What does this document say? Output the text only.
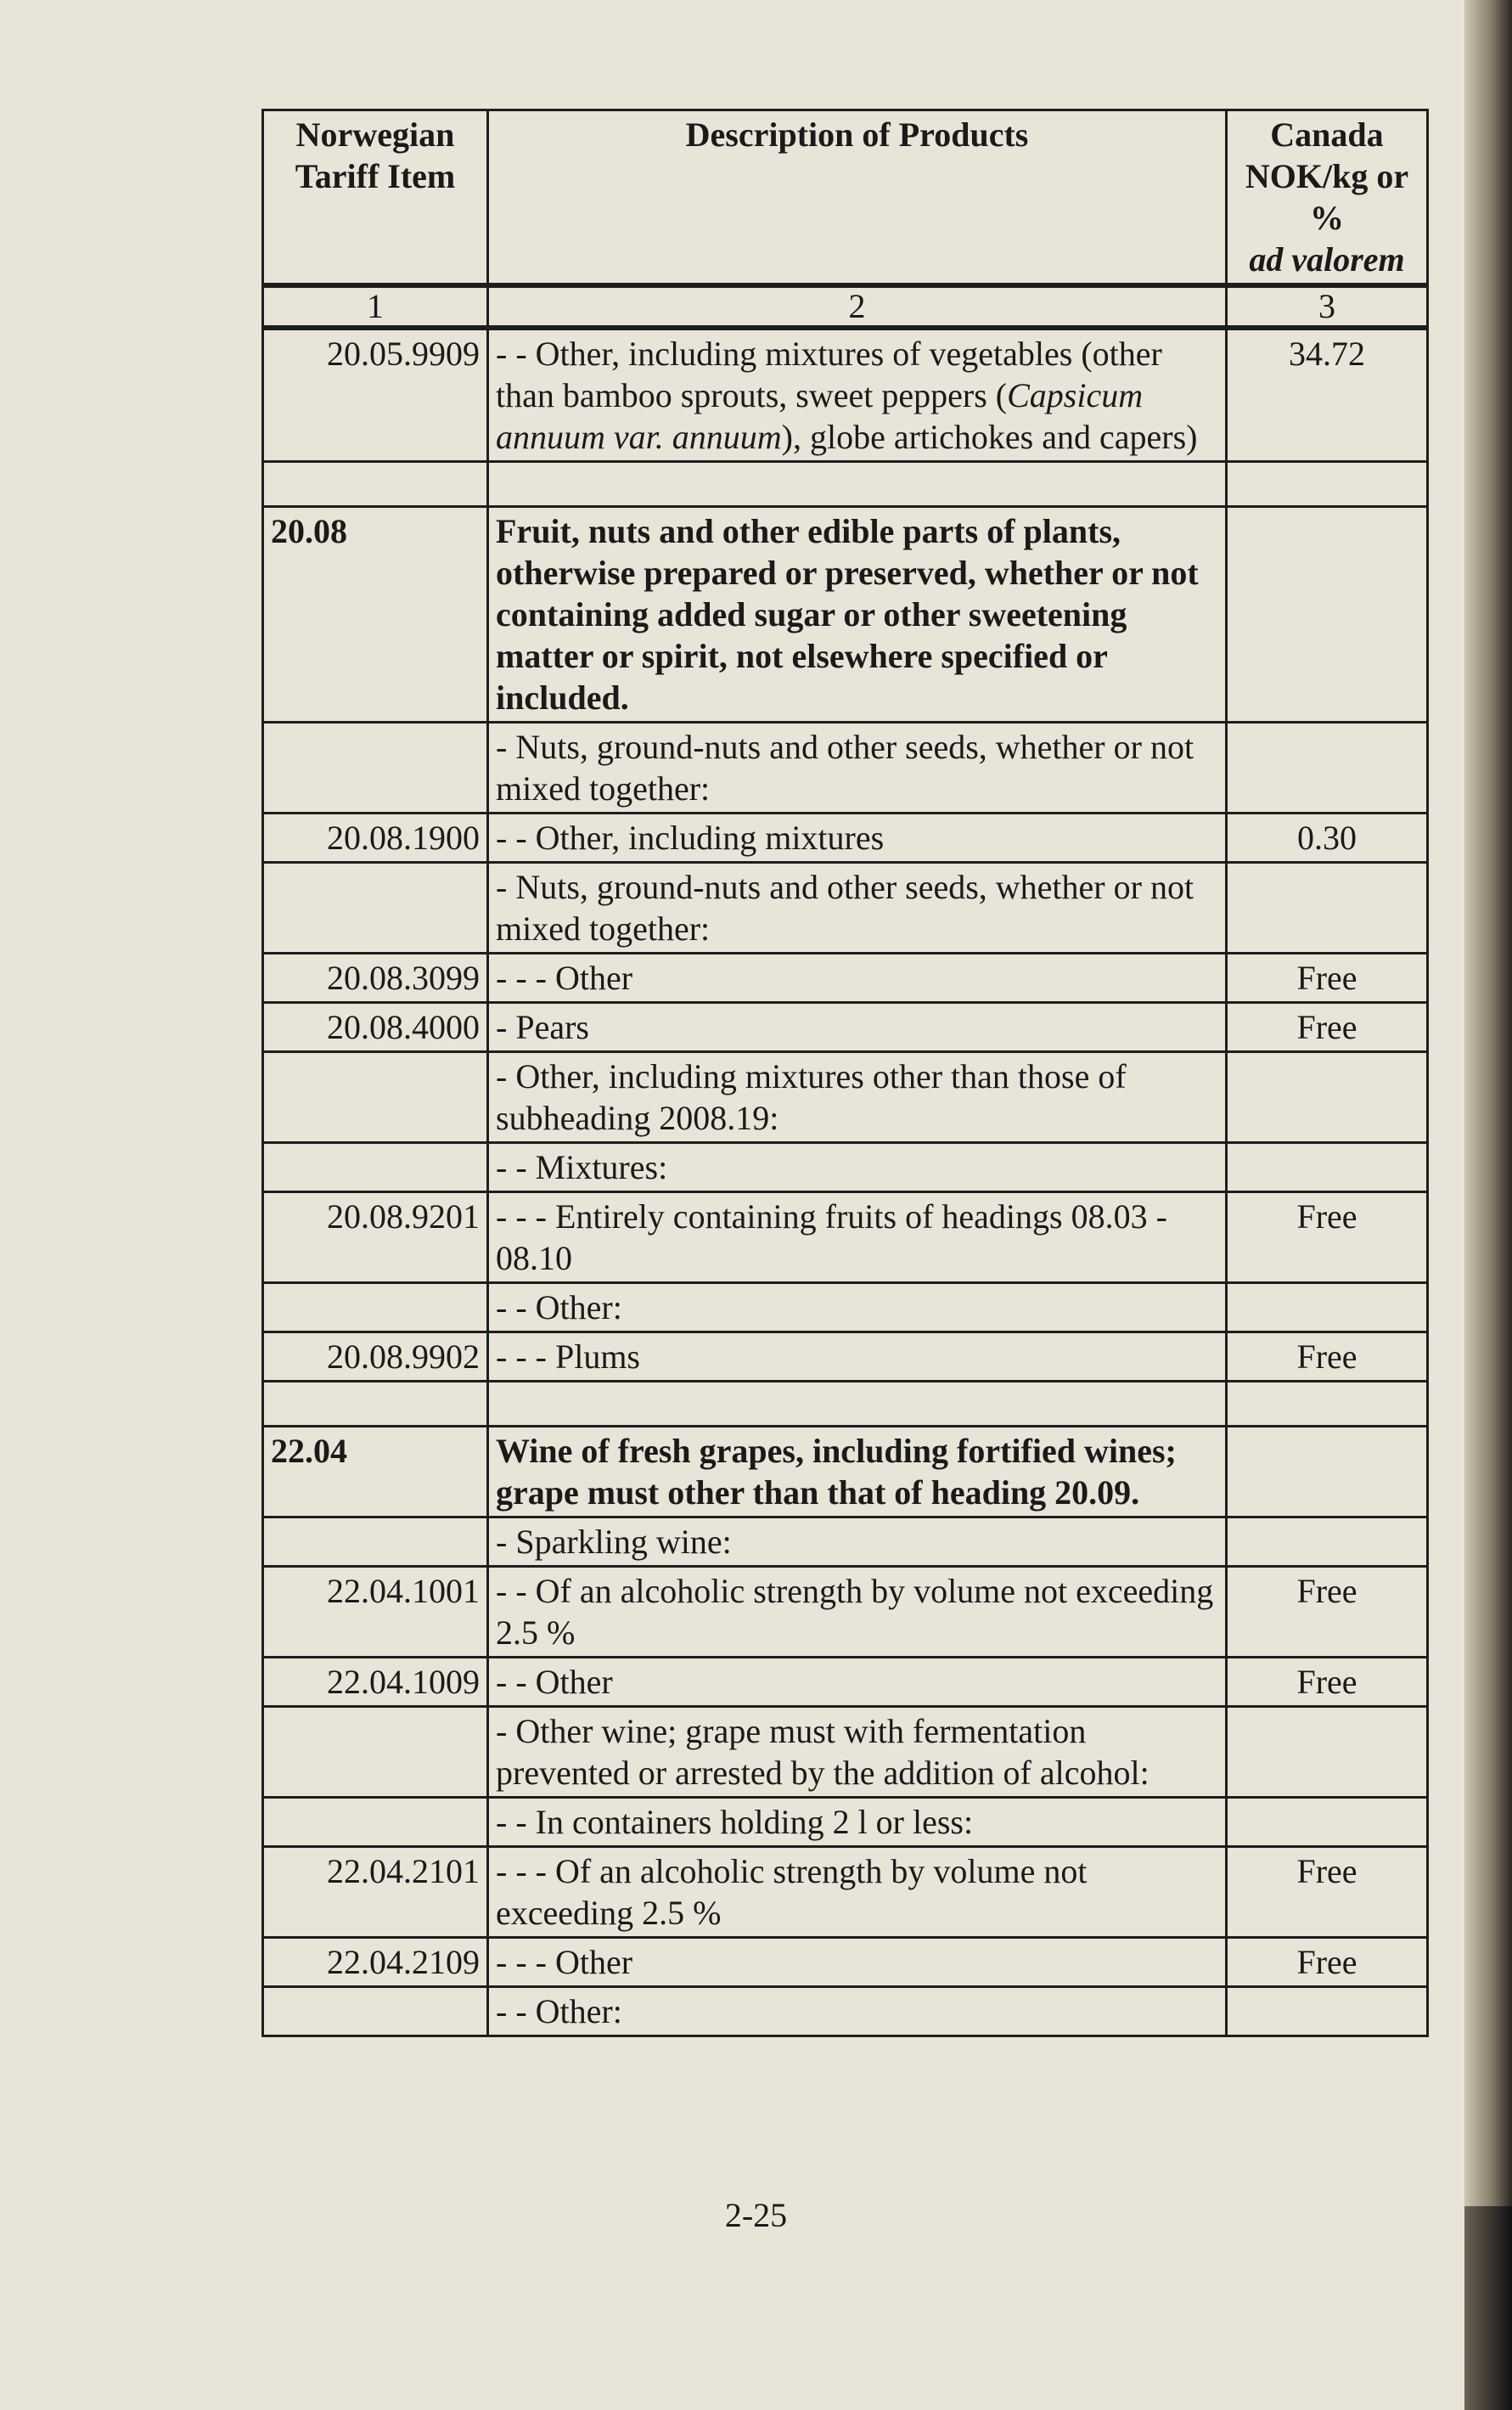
Norwegian Tariff Item	Description of Products	Canada NOK/kg or %
ad valorem
1	2	3
20.05.9909	- - Other, including mixtures of vegetables (other than bamboo sprouts, sweet peppers (Capsicum annuum var. annuum), globe artichokes and capers)	34.72

20.08	Fruit, nuts and other edible parts of plants, otherwise prepared or preserved, whether or not containing added sugar or other sweetening matter or spirit, not elsewhere specified or included.	
	- Nuts, ground-nuts and other seeds, whether or not mixed together:	
20.08.1900	- - Other, including mixtures	0.30
	- Nuts, ground-nuts and other seeds, whether or not mixed together:	
20.08.3099	- - - Other	Free
20.08.4000	- Pears	Free
	- Other, including mixtures other than those of subheading 2008.19:	
	- - Mixtures:	
20.08.9201	- - - Entirely containing fruits of headings 08.03 - 08.10	Free
	- - Other:	
20.08.9902	- - - Plums	Free

22.04	Wine of fresh grapes, including fortified wines; grape must other than that of heading 20.09.	
	- Sparkling wine:	
22.04.1001	- - Of an alcoholic strength by volume not exceeding 2.5 %	Free
22.04.1009	- - Other	Free
	- Other wine; grape must with fermentation prevented or arrested by the addition of alcohol:	
	- - In containers holding 2 l or less:	
22.04.2101	- - - Of an alcoholic strength by volume not exceeding 2.5 %	Free
22.04.2109	- - - Other	Free
	- - Other:	
2-25
